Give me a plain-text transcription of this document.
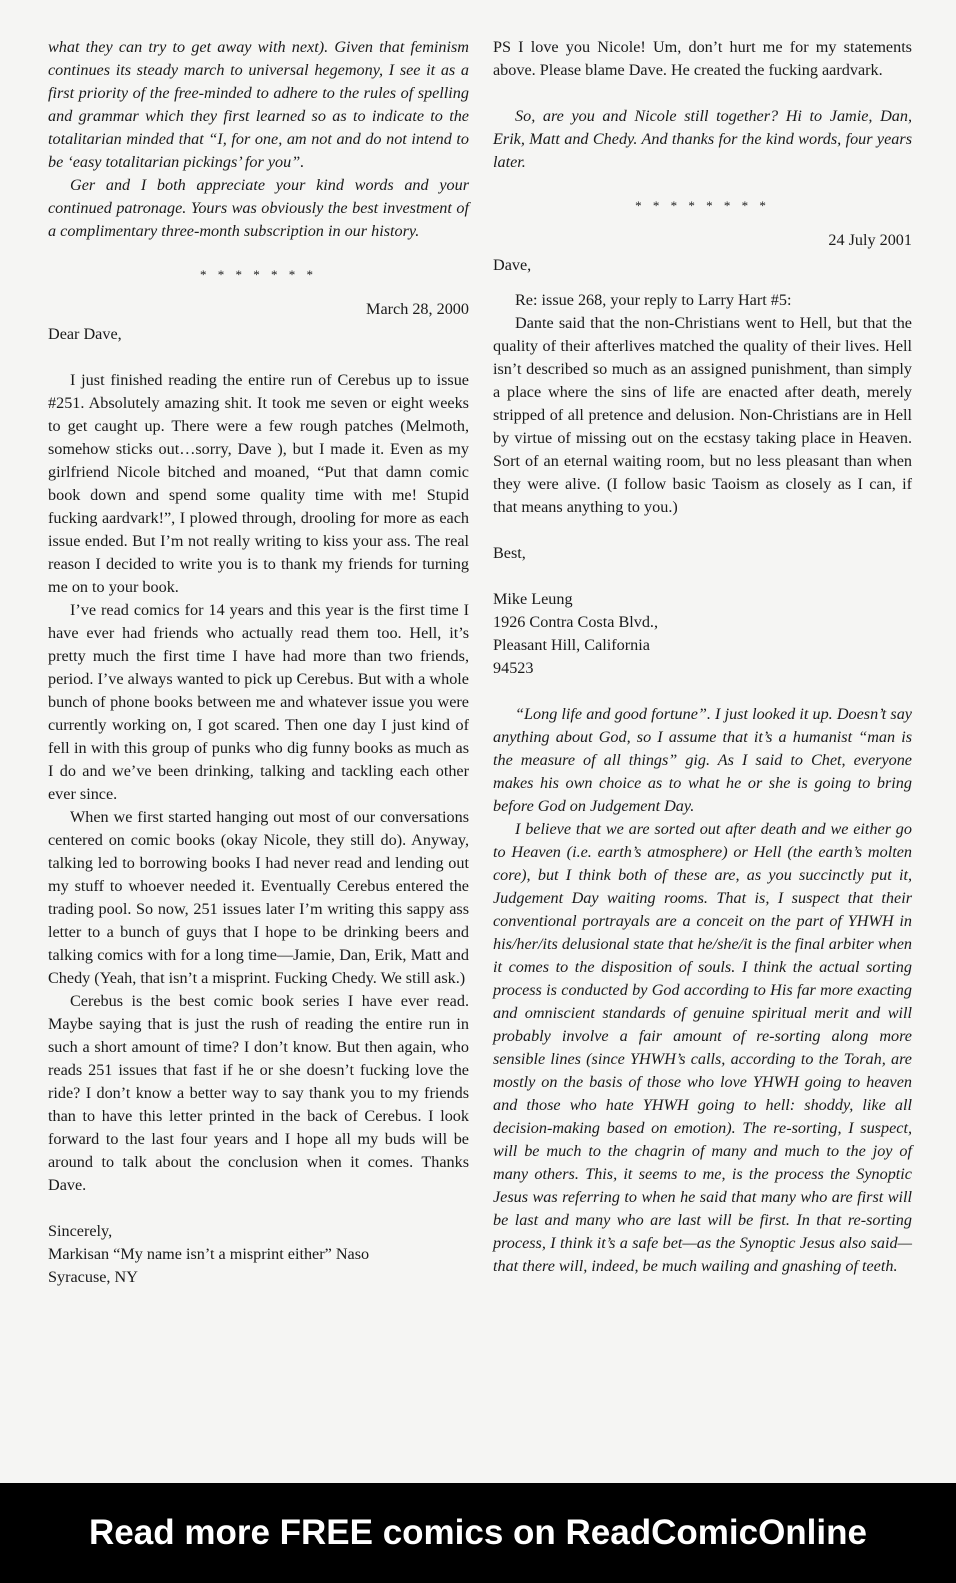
what they can try to get away with next). Given that feminism continues its steady march to universal hegemony, I see it as a first priority of the free-minded to adhere to the rules of spelling and grammar which they first learned so as to indicate to the totalitarian minded that “I, for one, am not and do not intend to be ‘easy totalitarian pickings’ for you”.

Ger and I both appreciate your kind words and your continued patronage. Yours was obviously the best investment of a complimentary three-month subscription in our history.

* * * * * * *

March 28, 2000

Dear Dave,

I just finished reading the entire run of Cerebus up to issue #251. Absolutely amazing shit. It took me seven or eight weeks to get caught up. There were a few rough patches (Melmoth, somehow sticks out…sorry, Dave ), but I made it. Even as my girlfriend Nicole bitched and moaned, “Put that damn comic book down and spend some quality time with me! Stupid fucking aardvark!”, I plowed through, drooling for more as each issue ended. But I’m not really writing to kiss your ass. The real reason I decided to write you is to thank my friends for turning me on to your book.

I’ve read comics for 14 years and this year is the first time I have ever had friends who actually read them too. Hell, it’s pretty much the first time I have had more than two friends, period. I’ve always wanted to pick up Cerebus. But with a whole bunch of phone books between me and whatever issue you were currently working on, I got scared. Then one day I just kind of fell in with this group of punks who dig funny books as much as I do and we’ve been drinking, talking and tackling each other ever since.

When we first started hanging out most of our conversations centered on comic books (okay Nicole, they still do). Anyway, talking led to borrowing books I had never read and lending out my stuff to whoever needed it. Eventually Cerebus entered the trading pool. So now, 251 issues later I’m writing this sappy ass letter to a bunch of guys that I hope to be drinking beers and talking comics with for a long time—Jamie, Dan, Erik, Matt and Chedy (Yeah, that isn’t a misprint. Fucking Chedy. We still ask.)

Cerebus is the best comic book series I have ever read. Maybe saying that is just the rush of reading the entire run in such a short amount of time? I don’t know. But then again, who reads 251 issues that fast if he or she doesn’t fucking love the ride? I don’t know a better way to say thank you to my friends than to have this letter printed in the back of Cerebus. I look forward to the last four years and I hope all my buds will be around to talk about the conclusion when it comes. Thanks Dave.

Sincerely,

Markisan “My name isn’t a misprint either” Naso

Syracuse, NY

PS I love you Nicole! Um, don’t hurt me for my statements above. Please blame Dave. He created the fucking aardvark.

So, are you and Nicole still together? Hi to Jamie, Dan, Erik, Matt and Chedy. And thanks for the kind words, four years later.

* * * * * * * *

24 July 2001

Dave,

Re: issue 268, your reply to Larry Hart #5:

Dante said that the non-Christians went to Hell, but that the quality of their afterlives matched the quality of their lives. Hell isn’t described so much as an assigned punishment, than simply a place where the sins of life are enacted after death, merely stripped of all pretence and delusion. Non-Christians are in Hell by virtue of missing out on the ecstasy taking place in Heaven. Sort of an eternal waiting room, but no less pleasant than when they were alive. (I follow basic Taoism as closely as I can, if that means anything to you.)

Best,

Mike Leung

1926 Contra Costa Blvd.,

Pleasant Hill, California

94523

“Long life and good fortune”. I just looked it up. Doesn’t say anything about God, so I assume that it’s a humanist “man is the measure of all things” gig. As I said to Chet, everyone makes his own choice as to what he or she is going to bring before God on Judgement Day.

I believe that we are sorted out after death and we either go to Heaven (i.e. earth’s atmosphere) or Hell (the earth’s molten core), but I think both of these are, as you succinctly put it, Judgement Day waiting rooms. That is, I suspect that their conventional portrayals are a conceit on the part of YHWH in his/her/its delusional state that he/she/it is the final arbiter when it comes to the disposition of souls. I think the actual sorting process is conducted by God according to His far more exacting and omniscient standards of genuine spiritual merit and will probably involve a fair amount of re-sorting along more sensible lines (since YHWH’s calls, according to the Torah, are mostly on the basis of those who love YHWH going to heaven and those who hate YHWH going to hell: shoddy, like all decision-making based on emotion). The re-sorting, I suspect, will be much to the chagrin of many and much to the joy of many others. This, it seems to me, is the process the Synoptic Jesus was referring to when he said that many who are first will be last and many who are last will be first. In that re-sorting process, I think it’s a safe bet—as the Synoptic Jesus also said—that there will, indeed, be much wailing and gnashing of teeth.

Read more FREE comics on ReadComicOnline
